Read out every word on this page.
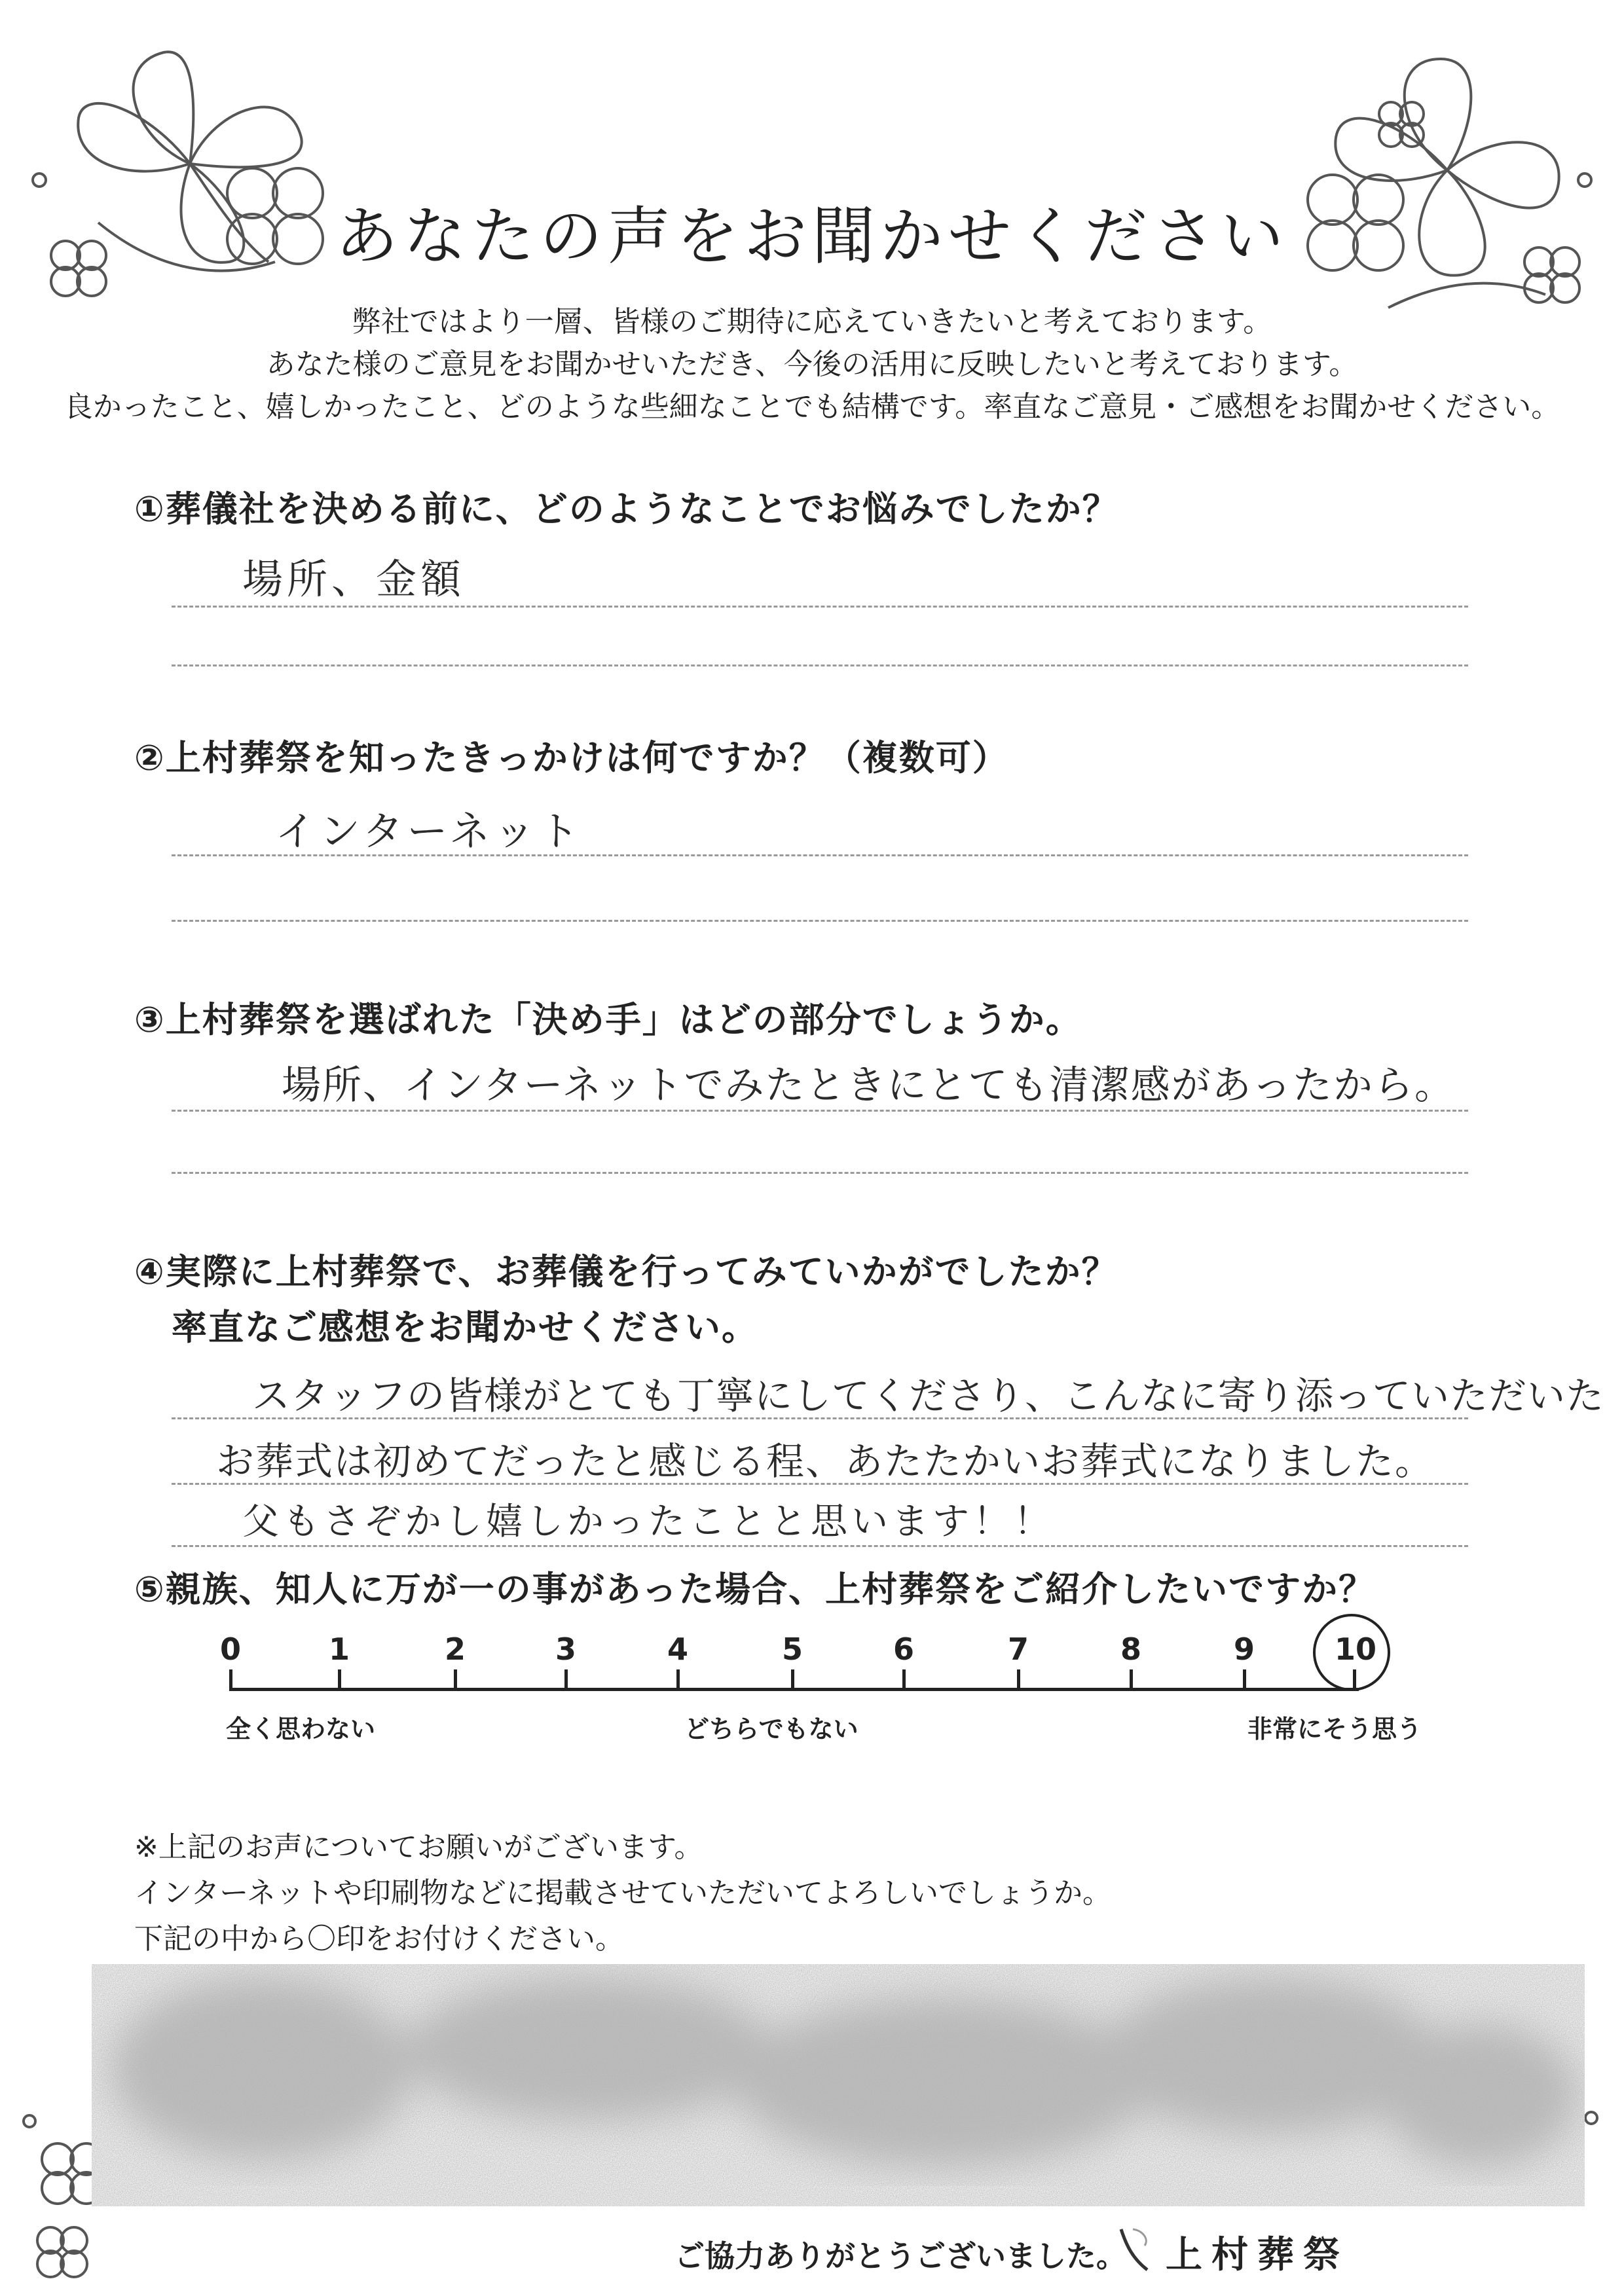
あなたの声をお聞かせください
弊社ではより一層、皆様のご期待に応えていきたいと考えております。
あなた様のご意見をお聞かせいただき、今後の活用に反映したいと考えております。
良かったこと、嬉しかったこと、どのような些細なことでも結構です。率直なご意見・ご感想をお聞かせください。
①葬儀社を決める前に、どのようなことでお悩みでしたか？
場所、金額
②上村葬祭を知ったきっかけは何ですか？（複数可）
インターネット
③上村葬祭を選ばれた「決め手」はどの部分でしょうか。
場所、インターネットでみたときにとても清潔感があったから。
④実際に上村葬祭で、お葬儀を行ってみていかがでしたか？
率直なご感想をお聞かせください。
スタッフの皆様がとても丁寧にしてくださり、こんなに寄り添っていただいた
お葬式は初めてだったと感じる程、あたたかいお葬式になりました。
父もさぞかし嬉しかったことと思います！！
⑤親族、知人に万が一の事があった場合、上村葬祭をご紹介したいですか？
0	1	2	3	4	5	6	7	8	9	10
全く思わない	どちらでもない	非常にそう思う
※上記のお声についてお願いがございます。
インターネットや印刷物などに掲載させていただいてよろしいでしょうか。
下記の中から〇印をお付けください。
ご協力ありがとうございました。 上村葬祭
